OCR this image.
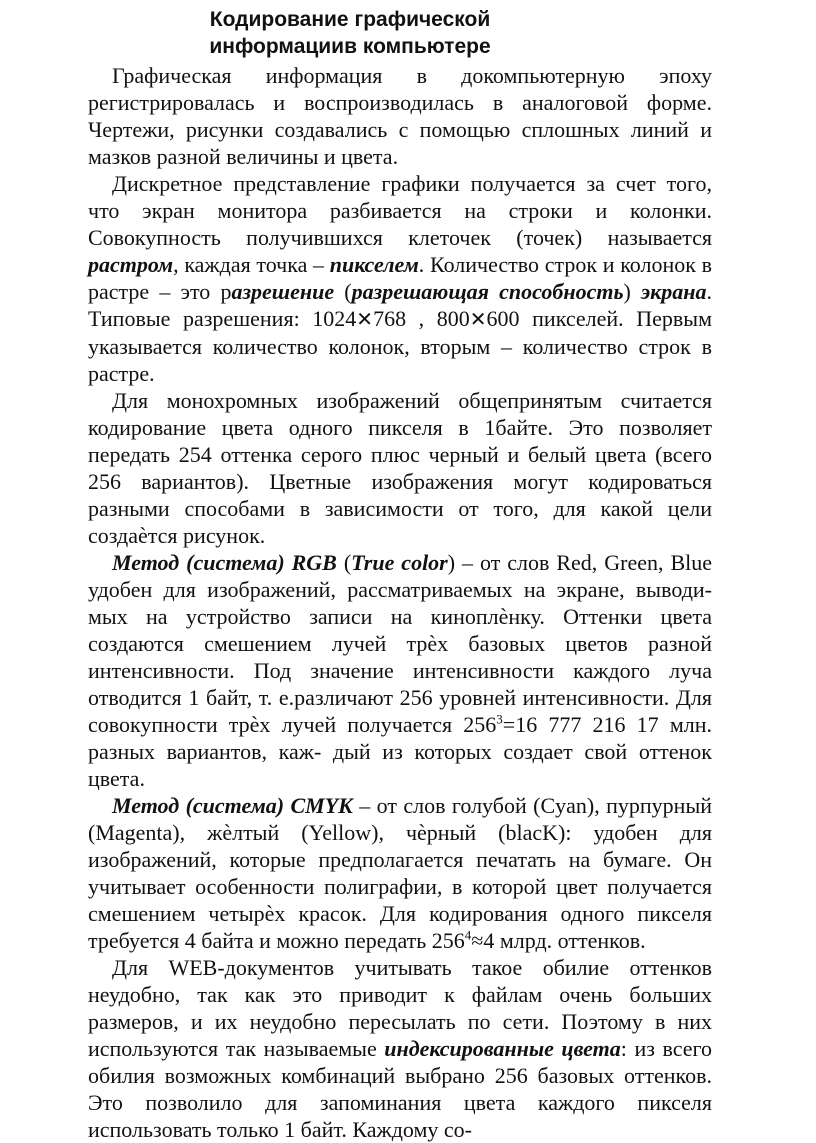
Кодирование графической
информациив компьютере

Графическая информация в докомпьютерную эпоху регистрировалась и воспроизводилась в аналоговой форме. Чертежи, рисунки создавались с помощью сплошных линий и мазков разной величины и цвета.

Дискретное представление графики получается за счет того, что экран монитора разбивается на строки и колонки. Совокупность получившихся клеточек (точек) называется растром, каждая точка – пикселем. Количество строк и колонок в растре – это разрешение (разрешающая способность) экрана. Типовые разрешения: 1024✕768 , 800✕600 пикселей. Первым указывается количество колонок, вторым – количество строк в растре.

Для монохромных изображений общепринятым считается кодирование цвета одного пикселя в 1байте. Это позволяет передать 254 оттенка серого плюс черный и белый цвета (всего 256 вариантов). Цветные изображения могут кодироваться разными способами в зависимости от того, для какой цели создаѐтся рисунок.

Метод (система) RGB (True color) – от слов Red, Green, Blue удобен для изображений, рассматриваемых на экране, выводи- мых на устройство записи на киноплѐнку. Оттенки цвета создаются смешением лучей трѐх базовых цветов разной интенсивности. Под значение интенсивности каждого луча отводится 1 байт, т. е.различают 256 уровней интенсивности. Для совокупности трѐх лучей получается $256^3=16$ 777 216 17 млн. разных вариантов, каж- дый из которых создает свой оттенок цвета.

Метод (система) CMYK – от слов голубой (Cyan), пурпурный (Magenta), жѐлтый (Yellow), чѐрный (blacK): удобен для изображений, которые предполагается печатать на бумаге. Он учитывает особенности полиграфии, в которой цвет получается смешением четырѐх красок. Для кодирования одного пикселя требуется 4 байта и можно передать $256^4\approx 4$ млрд. оттенков.

Для WEB-документов учитывать такое обилие оттенков неудобно, так как это приводит к файлам очень больших размеров, и их неудобно пересылать по сети. Поэтому в них используются так называемые индексированные цвета: из всего обилия возможных комбинаций выбрано 256 базовых оттенков. Это позволило для запоминания цвета каждого пикселя использовать только 1 байт. Каждому со-
